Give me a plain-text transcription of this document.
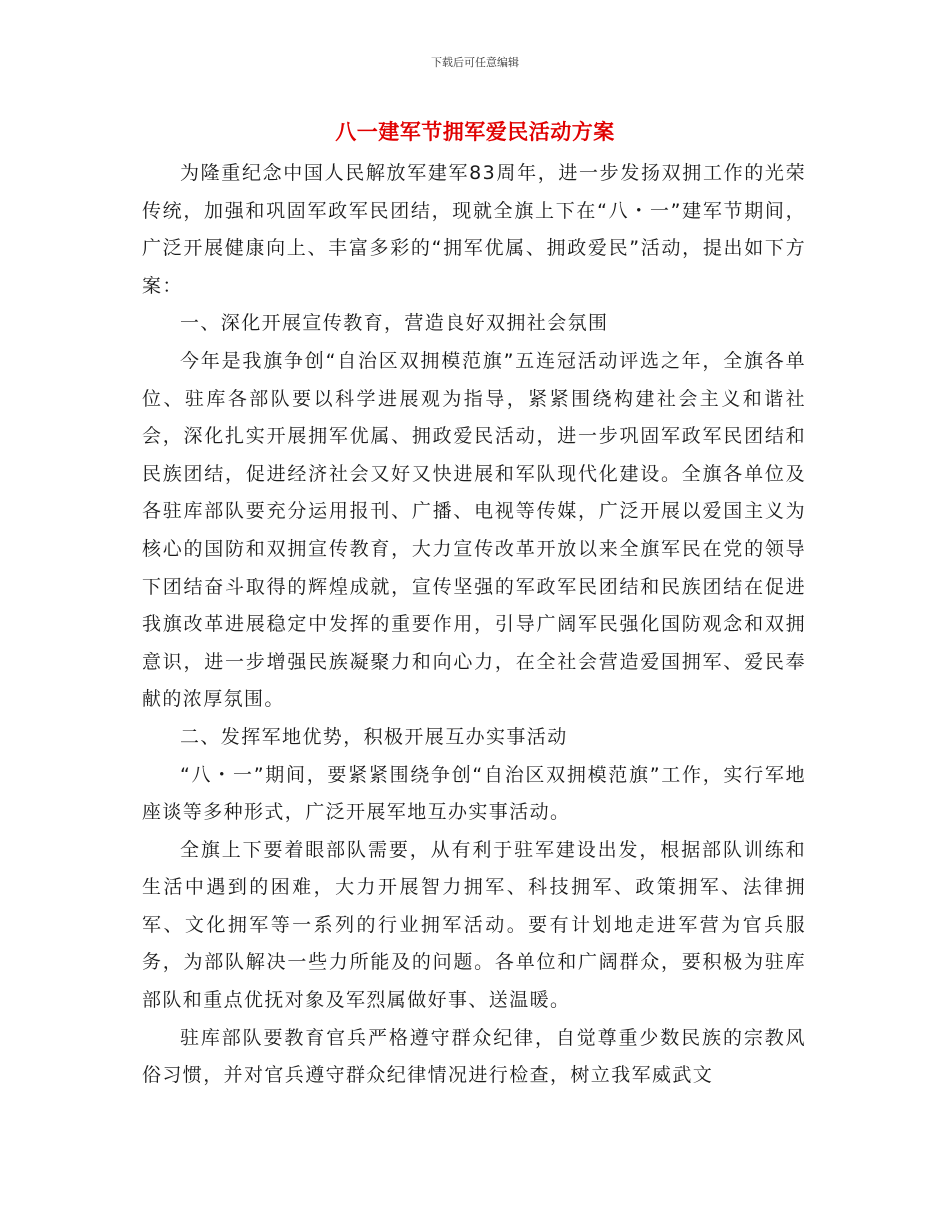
下载后可任意编辑
八一建军节拥军爱民活动方案

为隆重纪念中国人民解放军建军83周年，进一步发扬双拥工作的光荣传统，加强和巩固军政军民团结，现就全旗上下在“八・一”建军节期间，广泛开展健康向上、丰富多彩的“拥军优属、拥政爱民”活动，提出如下方案：

一、深化开展宣传教育，营造良好双拥社会氛围

今年是我旗争创“自治区双拥模范旗”五连冠活动评选之年，全旗各单位、驻库各部队要以科学进展观为指导，紧紧围绕构建社会主义和谐社会，深化扎实开展拥军优属、拥政爱民活动，进一步巩固军政军民团结和民族团结，促进经济社会又好又快进展和军队现代化建设。全旗各单位及各驻库部队要充分运用报刊、广播、电视等传媒，广泛开展以爱国主义为核心的国防和双拥宣传教育，大力宣传改革开放以来全旗军民在党的领导下团结奋斗取得的辉煌成就，宣传坚强的军政军民团结和民族团结在促进我旗改革进展稳定中发挥的重要作用，引导广阔军民强化国防观念和双拥意识，进一步增强民族凝聚力和向心力，在全社会营造爱国拥军、爱民奉献的浓厚氛围。

二、发挥军地优势，积极开展互办实事活动

“八・一”期间，要紧紧围绕争创“自治区双拥模范旗”工作，实行军地座谈等多种形式，广泛开展军地互办实事活动。

全旗上下要着眼部队需要，从有利于驻军建设出发，根据部队训练和生活中遇到的困难，大力开展智力拥军、科技拥军、政策拥军、法律拥军、文化拥军等一系列的行业拥军活动。要有计划地走进军营为官兵服务，为部队解决一些力所能及的问题。各单位和广阔群众，要积极为驻库部队和重点优抚对象及军烈属做好事、送温暖。

驻库部队要教育官兵严格遵守群众纪律，自觉尊重少数民族的宗教风俗习惯，并对官兵遵守群众纪律情况进行检查，树立我军威武文
